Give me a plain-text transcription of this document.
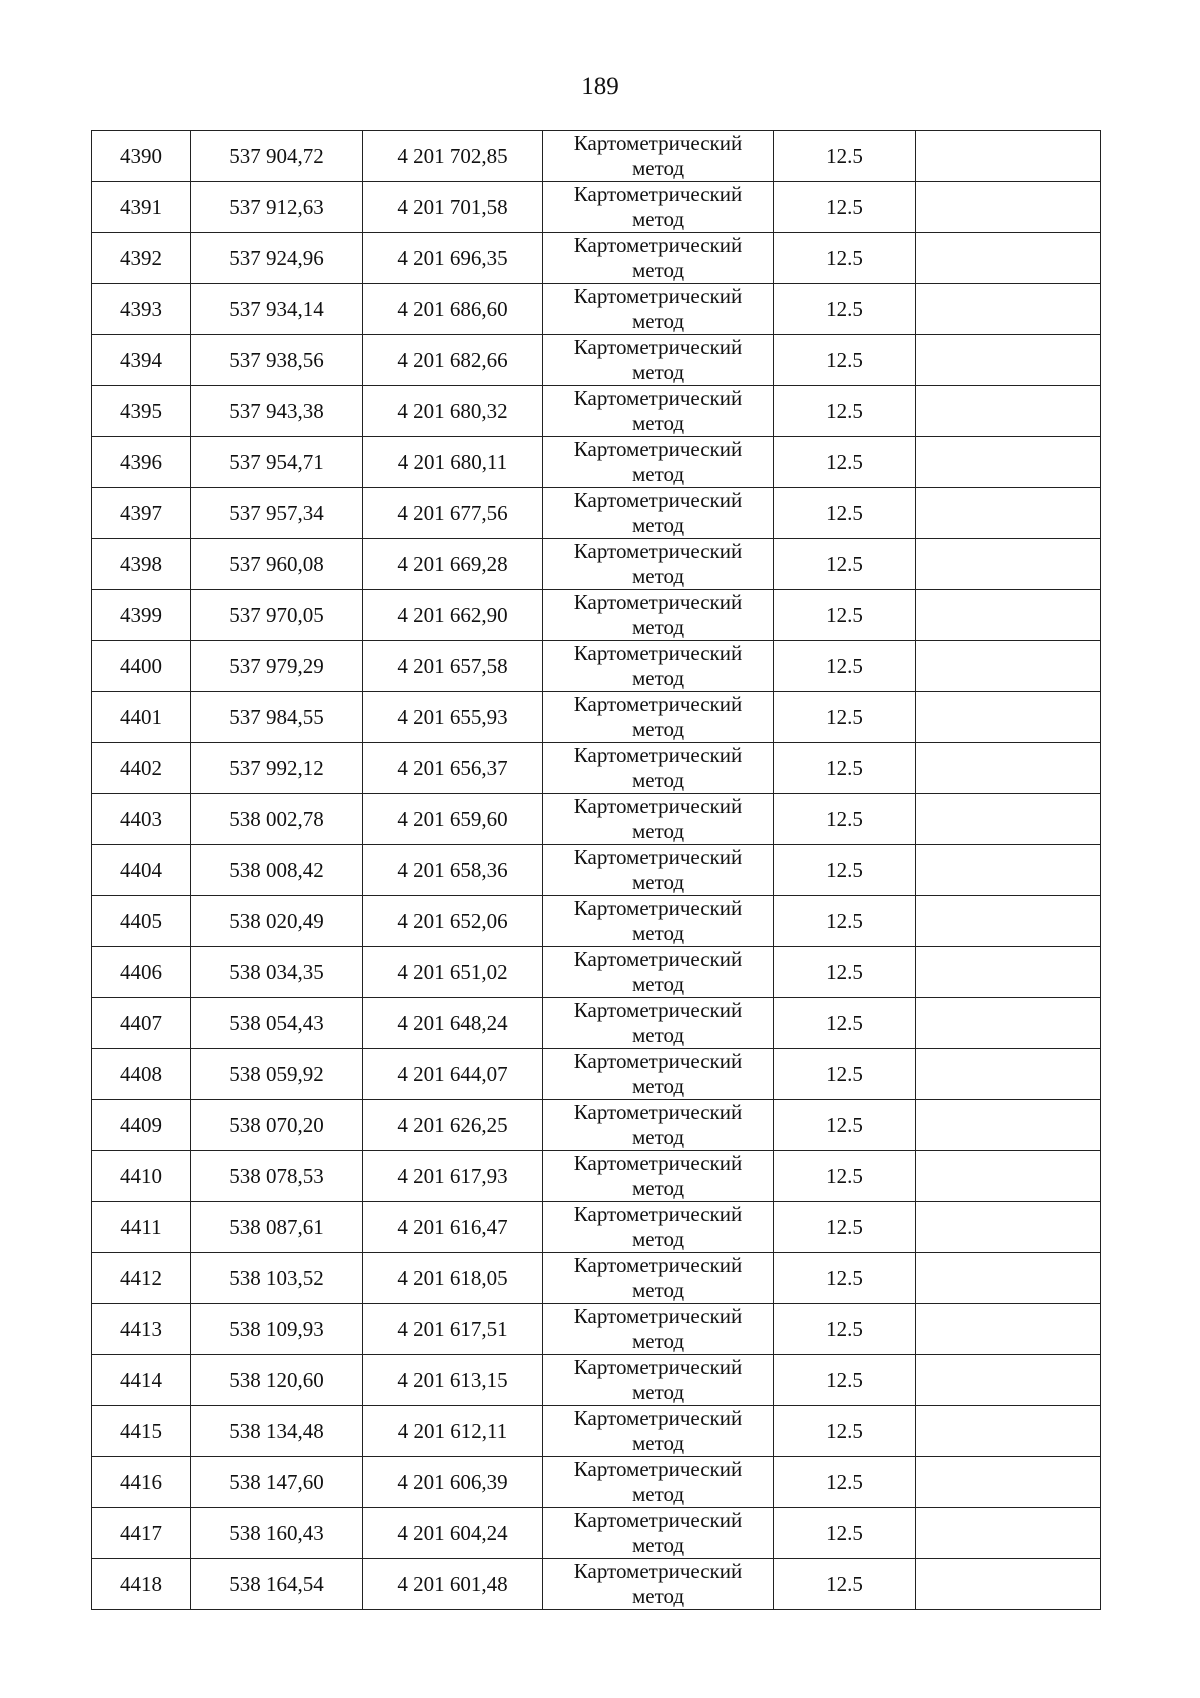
189
4390	537 904,72	4 201 702,85	Картометрический
метод	12.5	
4391	537 912,63	4 201 701,58	Картометрический
метод	12.5	
4392	537 924,96	4 201 696,35	Картометрический
метод	12.5	
4393	537 934,14	4 201 686,60	Картометрический
метод	12.5	
4394	537 938,56	4 201 682,66	Картометрический
метод	12.5	
4395	537 943,38	4 201 680,32	Картометрический
метод	12.5	
4396	537 954,71	4 201 680,11	Картометрический
метод	12.5	
4397	537 957,34	4 201 677,56	Картометрический
метод	12.5	
4398	537 960,08	4 201 669,28	Картометрический
метод	12.5	
4399	537 970,05	4 201 662,90	Картометрический
метод	12.5	
4400	537 979,29	4 201 657,58	Картометрический
метод	12.5	
4401	537 984,55	4 201 655,93	Картометрический
метод	12.5	
4402	537 992,12	4 201 656,37	Картометрический
метод	12.5	
4403	538 002,78	4 201 659,60	Картометрический
метод	12.5	
4404	538 008,42	4 201 658,36	Картометрический
метод	12.5	
4405	538 020,49	4 201 652,06	Картометрический
метод	12.5	
4406	538 034,35	4 201 651,02	Картометрический
метод	12.5	
4407	538 054,43	4 201 648,24	Картометрический
метод	12.5	
4408	538 059,92	4 201 644,07	Картометрический
метод	12.5	
4409	538 070,20	4 201 626,25	Картометрический
метод	12.5	
4410	538 078,53	4 201 617,93	Картометрический
метод	12.5	
4411	538 087,61	4 201 616,47	Картометрический
метод	12.5	
4412	538 103,52	4 201 618,05	Картометрический
метод	12.5	
4413	538 109,93	4 201 617,51	Картометрический
метод	12.5	
4414	538 120,60	4 201 613,15	Картометрический
метод	12.5	
4415	538 134,48	4 201 612,11	Картометрический
метод	12.5	
4416	538 147,60	4 201 606,39	Картометрический
метод	12.5	
4417	538 160,43	4 201 604,24	Картометрический
метод	12.5	
4418	538 164,54	4 201 601,48	Картометрический
метод	12.5	
